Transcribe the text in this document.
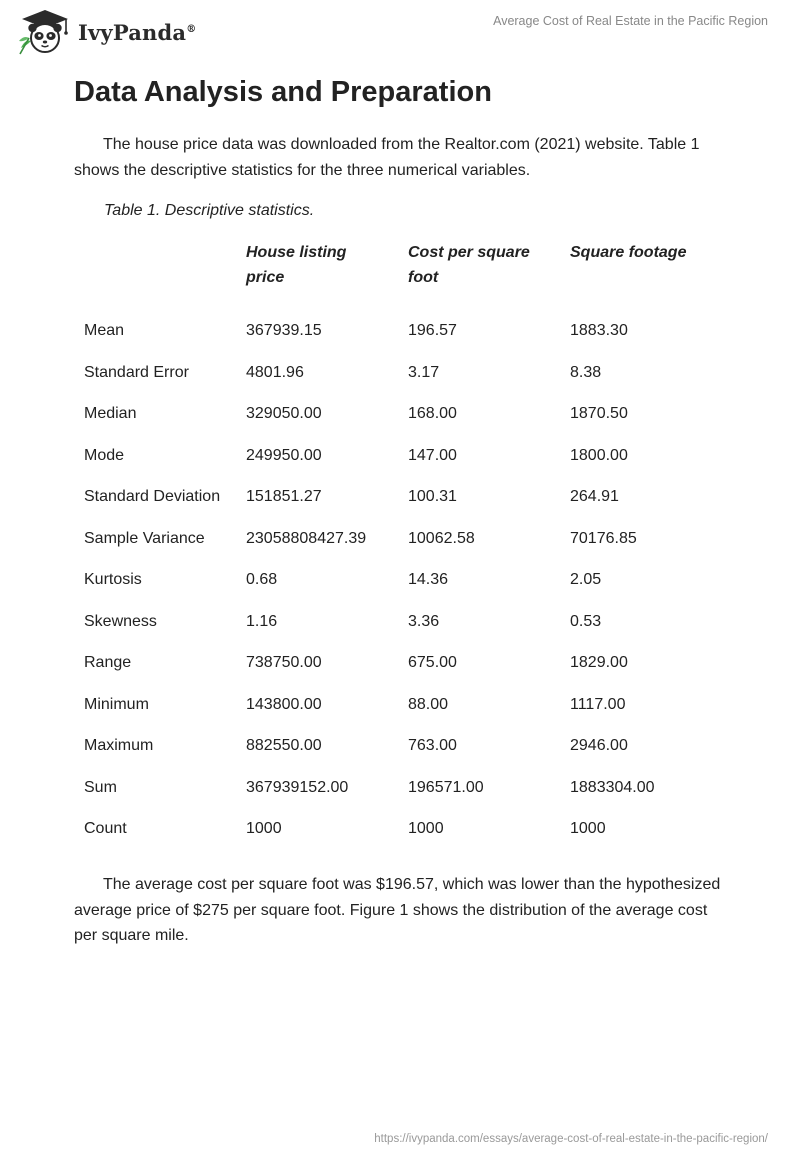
IvyPanda®
Average Cost of Real Estate in the Pacific Region
Data Analysis and Preparation

The house price data was downloaded from the Realtor.com (2021) website. Table 1 shows the descriptive statistics for the three numerical variables.

Table 1. Descriptive statistics.

	House listing price	Cost per square foot	Square footage
Mean	367939.15	196.57	1883.30
Standard Error	4801.96	3.17	8.38
Median	329050.00	168.00	1870.50
Mode	249950.00	147.00	1800.00
Standard Deviation	151851.27	100.31	264.91
Sample Variance	23058808427.39	10062.58	70176.85
Kurtosis	0.68	14.36	2.05
Skewness	1.16	3.36	0.53
Range	738750.00	675.00	1829.00
Minimum	143800.00	88.00	1117.00
Maximum	882550.00	763.00	2946.00
Sum	367939152.00	196571.00	1883304.00
Count	1000	1000	1000

The average cost per square foot was $196.57, which was lower than the hypothesized average price of $275 per square foot. Figure 1 shows the distribution of the average cost per square mile.

https://ivypanda.com/essays/average-cost-of-real-estate-in-the-pacific-region/
